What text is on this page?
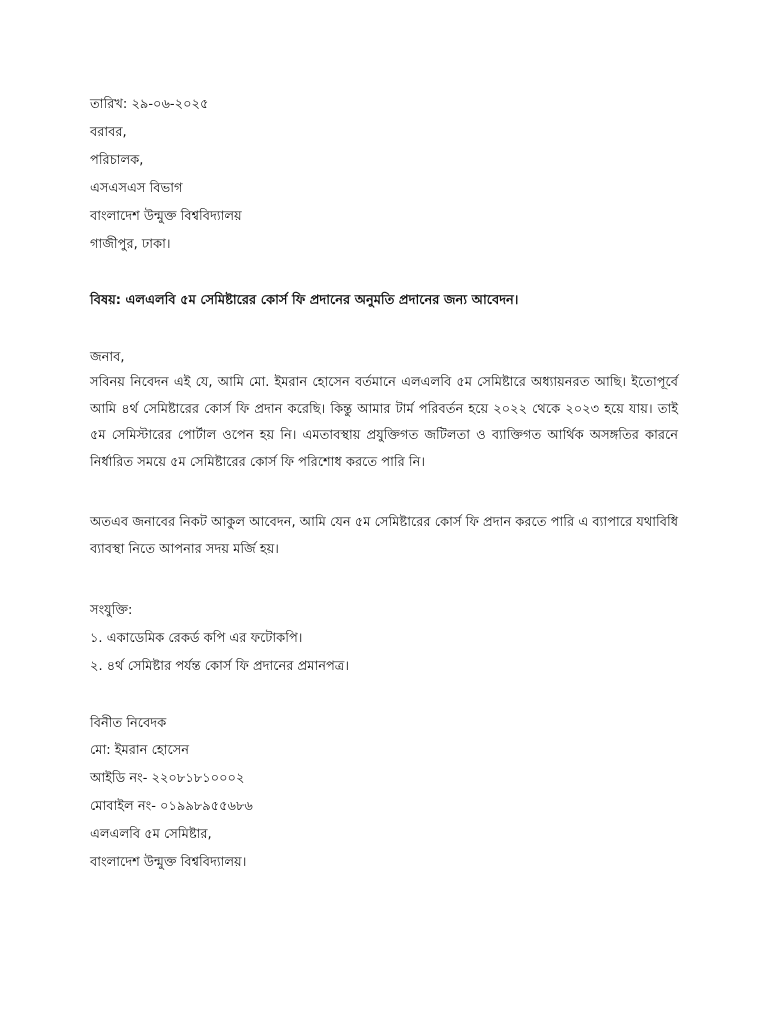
তারিখ: ২৯-০৬-২০২৫
বরাবর,
পরিচালক,
এসএসএস বিভাগ
বাংলাদেশ উন্মুক্ত বিশ্ববিদ্যালয়
গাজীপুর, ঢাকা।
বিষয়: এলএলবি ৫ম সেমিষ্টারের কোর্স ফি প্রদানের অনুমতি প্রদানের জন্য আবেদন।
জনাব,
সবিনয় নিবেদন এই যে, আমি মো. ইমরান হোসেন বর্তমানে এলএলবি ৫ম সেমিষ্টারে অধ্যায়নরত আছি। ইতোপূর্বে আমি ৪র্থ সেমিষ্টারের কোর্স ফি প্রদান করেছি। কিন্তু আমার টার্ম পরিবর্তন হয়ে ২০২২ থেকে ২০২৩ হয়ে যায়। তাই ৫ম সেমিস্টারের পোর্টাল ওপেন হয় নি। এমতাবস্থায় প্রযুক্তিগত জটিলতা ও ব্যাক্তিগত আর্থিক অসঙ্গতির কারনে নির্ধারিত সময়ে ৫ম সেমিষ্টারের কোর্স ফি পরিশোধ করতে পারি নি।
অতএব জনাবের নিকট আকুল আবেদন, আমি যেন ৫ম সেমিষ্টারের কোর্স ফি প্রদান করতে পারি এ ব্যাপারে যথাবিধি ব্যাবস্থা নিতে আপনার সদয় মর্জি হয়।
সংযুক্তি:
১. একাডেমিক রেকর্ড কপি এর ফটোকপি।
২. ৪র্থ সেমিষ্টার পর্যন্ত কোর্স ফি প্রদানের প্রমানপত্র।
বিনীত নিবেদক
মো: ইমরান হোসেন
আইডি নং- ২২০৮১৮১০০০২
মোবাইল নং- ০১৯৯৮৯৫৫৬৮৬
এলএলবি ৫ম সেমিষ্টার,
বাংলাদেশ উন্মুক্ত বিশ্ববিদ্যালয়।
